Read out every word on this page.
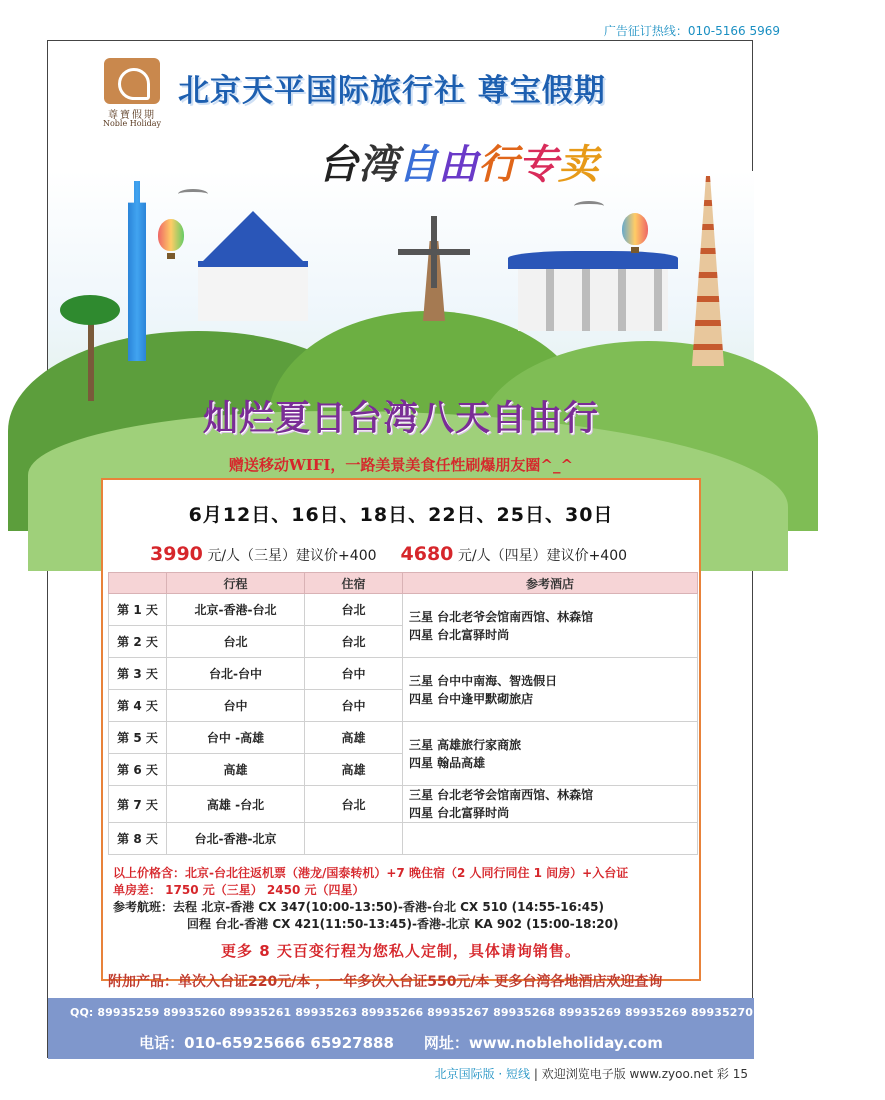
广告征订热线：010-5166 5969
尊寶假期
Noble Holiday
北京天平国际旅行社 尊宝假期
台湾自由行专卖
灿烂夏日台湾八天自由行
赠送移动WIFI，一路美景美食任性刷爆朋友圈^_^
6月12日、16日、18日、22日、25日、30日
3990 元/人（三星）建议价+400 4680 元/人（四星）建议价+400
	行程	住宿	参考酒店
第 1 天	北京-香港-台北	台北	三星 台北老爷会馆南西馆、林森馆
四星 台北富驿时尚

第 2 天	台北	台北	
第 3 天	台北-台中	台中	三星 台中中南海、智选假日
四星 台中逢甲默砌旅店

第 4 天	台中	台中	
第 5 天	台中 -高雄	高雄	三星 高雄旅行家商旅
四星 翰品高雄

第 6 天	高雄	高雄	
第 7 天	高雄 -台北	台北	三星 台北老爷会馆南西馆、林森馆
四星 台北富驿时尚

第 8 天	台北-香港-北京		
以上价格含：北京-台北往返机票（港龙/国泰转机）+7 晚住宿（2 人同行同住 1 间房）+入台证
单房差： 1750 元（三星） 2450 元（四星）
参考航班：去程 北京-香港 CX 347(10:00-13:50)-香港-台北 CX 510 (14:55-16:45)
回程 台北-香港 CX 421(11:50-13:45)-香港-北京 KA 902 (15:00-18:20)
更多 8 天百变行程为您私人定制，具体请询销售。
附加产品：单次入台证220元/本 ，一年多次入台证550元/本 更多台湾各地酒店欢迎查询
QQ: 89935259 89935260 89935261 89935263 89935266 89935267 89935268 89935269 89935269 89935270 89935272 89935275
电话：010-65925666 65927888 网址：www.nobleholiday.com
北京国际版 · 短线 | 欢迎浏览电子版 www.zyoo.net 彩 15
